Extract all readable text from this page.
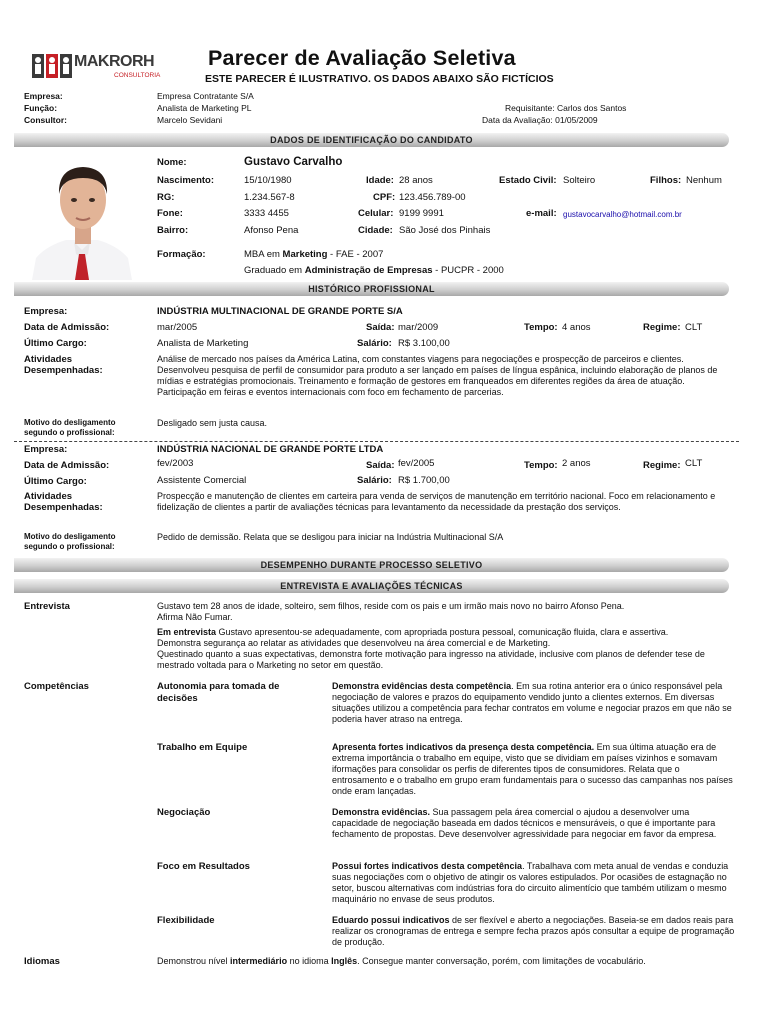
MAKRORH
CONSULTORIA
Parecer de Avaliação Seletiva
ESTE PARECER É ILUSTRATIVO. OS DADOS ABAIXO SÃO FICTÍCIOS
Empresa:	Empresa Contratante S/A
Função:	Analista de Marketing PL	Requisitante: Carlos dos Santos
Consultor:	Marcelo Sevidani	Data da Avaliação: 01/05/2009
DADOS DE IDENTIFICAÇÃO DO CANDIDATO
Nome:	Gustavo Carvalho
Nascimento:	15/10/1980	Idade: 28 anos	Estado Civil: Solteiro	Filhos: Nenhum
RG:	1.234.567-8	CPF: 123.456.789-00
Fone:	3333 4455	Celular: 9199 9991	e-mail: gustavocarvalho@hotmail.com.br
Bairro:	Afonso Pena	Cidade: São José dos Pinhais
Formação:	MBA em Marketing - FAE - 2007
Graduado em Administração de Empresas - PUCPR - 2000
HISTÓRICO PROFISSIONAL
Empresa:	INDÚSTRIA MULTINACIONAL DE GRANDE PORTE S/A
Data de Admissão:	mar/2005	Saída: mar/2009	Tempo: 4 anos	Regime: CLT
Último Cargo:	Analista de Marketing	Salário: R$ 3.100,00
Atividades
Desempenhadas:
Análise de mercado nos países da América Latina, com constantes viagens para negociações e prospecção de parceiros e clientes. Desenvolveu pesquisa de perfil de consumidor para produto a ser lançado em países de língua espânica, incluindo elaboração de planos de mídias e estratégias promocionais. Treinamento e formação de gestores em franqueados em diferentes regiões da área de atuação. Participação em feiras e eventos internacionais com foco em fechamento de parcerias.
Motivo do desligamento
segundo o profissional:
Desligado sem justa causa.
Empresa:	INDÚSTRIA NACIONAL DE GRANDE PORTE LTDA
Data de Admissão:	fev/2003	Saída: fev/2005	Tempo: 2 anos	Regime: CLT
Último Cargo:	Assistente Comercial	Salário: R$ 1.700,00
Atividades
Desempenhadas:
Prospecção e manutenção de clientes em carteira para venda de serviços de manutenção em território nacional. Foco em relacionamento e fidelização de clientes a partir de avaliações técnicas para levantamento da necessidade da prestação dos serviços.
Motivo do desligamento
segundo o profissional:
Pedido de demissão. Relata que se desligou para iniciar na Indústria Multinacional S/A
DESEMPENHO DURANTE PROCESSO SELETIVO
ENTREVISTA E AVALIAÇÕES TÉCNICAS
Entrevista	Gustavo tem 28 anos de idade, solteiro, sem filhos, reside com os pais e um irmão mais novo no bairro Afonso Pena.
Afirma Não Fumar.
Em entrevista Gustavo apresentou-se adequadamente, com apropriada postura pessoal, comunicação fluida, clara e assertiva.
Demonstra segurança ao relatar as atividades que desenvolveu na área comercial e de Marketing.
Questinado quanto a suas expectativas, demonstra forte motivação para ingresso na atividade, inclusive com planos de defender tese de mestrado voltada para o Marketing no setor em questão.
Competências	Autonomia para tomada de decisões
Demonstra evidências desta competência. Em sua rotina anterior era o único responsável pela negociação de valores e prazos do equipamento vendido junto a clientes externos. Em diversas situações utilizou a competência para fechar contratos em volume e negociar prazos em que não se poderia haver atraso na entrega.
Trabalho em Equipe	Apresenta fortes indicativos da presença desta competência. Em sua última atuação era de extrema importância o trabalho em equipe, visto que se dividiam em países vizinhos e somavam iformações para consolidar os perfis de diferentes tipos de consumidores. Relata que o entrosamento e o trabalho em grupo eram fundamentais para o sucesso das campanhas nos países onde eram lançadas.
Negociação	Demonstra evidências. Sua passagem pela área comercial o ajudou a desenvolver uma capacidade de negociação baseada em dados técnicos e mensuráveis, o que é importante para fechamento de propostas. Deve desenvolver agressividade para negociar em favor da empresa.
Foco em Resultados	Possui fortes indicativos desta competência. Trabalhava com meta anual de vendas e conduzia suas negociações com o objetivo de atingir os valores estipulados. Por ocasiões de estagnação no setor, buscou alternativas com indústrias fora do circuito alimentício que também utilizam o mesmo maquinário no envase de seus produtos.
Flexibilidade	Eduardo possui indicativos de ser flexível e aberto a negociações. Baseia-se em dados reais para realizar os cronogramas de entrega e sempre fecha prazos após consultar a equipe de programação de produção.
Idiomas	Demonstrou nível intermediário no idioma Inglês. Consegue manter conversação, porém, com limitações de vocabulário.
